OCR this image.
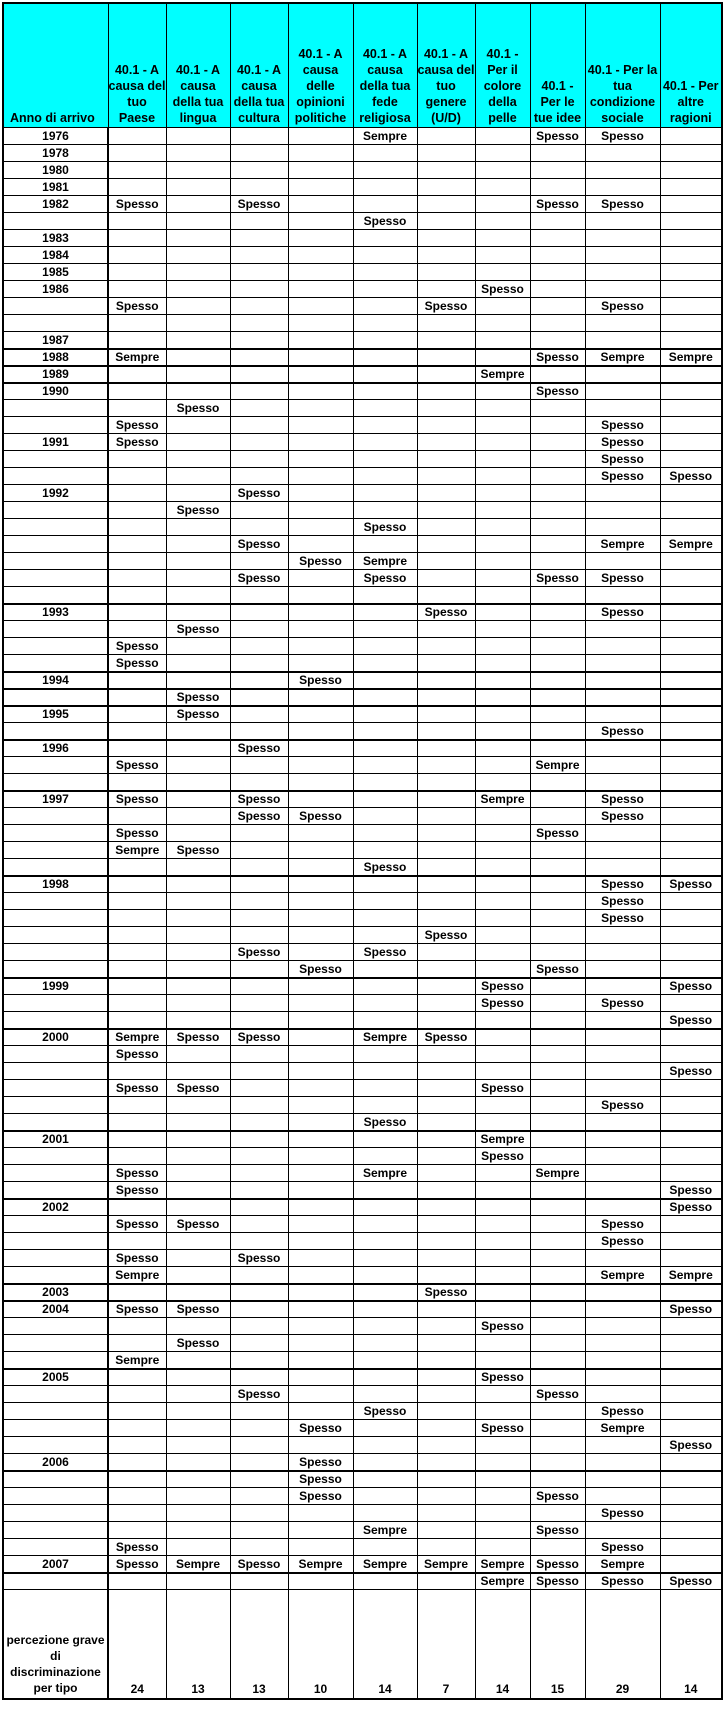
Anno di arrivo	40.1 - A causa del tuo Paese	40.1 - A causa della tua lingua	40.1 - A causa della tua cultura	40.1 - A causa delle opinioni politiche	40.1 - A causa della tua fede religiosa	40.1 - A causa del tuo genere (U/D)	40.1 - Per il colore della pelle	40.1 - Per le tue idee	40.1 - Per la tua condizione sociale	40.1 - Per altre ragioni
1976					Sempre			Spesso	Spesso	
1978										
1980										
1981										
1982	Spesso		Spesso					Spesso	Spesso	
					Spesso					
1983										
1984										
1985										
1986							Spesso			
	Spesso					Spesso			Spesso	

1987										
1988	Sempre							Spesso	Sempre	Sempre
1989							Sempre			
1990								Spesso		
		Spesso								
	Spesso								Spesso	
1991	Spesso								Spesso	
									Spesso	
									Spesso	Spesso
1992			Spesso							
		Spesso								
					Spesso					
			Spesso						Sempre	Sempre
				Spesso	Sempre					
			Spesso		Spesso			Spesso	Spesso	

1993						Spesso			Spesso	
		Spesso								
	Spesso									
	Spesso									
1994				Spesso						
		Spesso								
1995		Spesso								
									Spesso	
1996			Spesso							
	Spesso							Sempre		

1997	Spesso		Spesso				Sempre		Spesso	
			Spesso	Spesso					Spesso	
	Spesso							Spesso		
	Sempre	Spesso								
					Spesso					
1998									Spesso	Spesso
									Spesso	
									Spesso	
						Spesso				
			Spesso		Spesso					
				Spesso				Spesso		
1999							Spesso			Spesso
							Spesso		Spesso	
										Spesso
2000	Sempre	Spesso	Spesso		Sempre	Spesso				
	Spesso									
										Spesso
	Spesso	Spesso					Spesso			
									Spesso	
					Spesso					
2001							Sempre			
							Spesso			
	Spesso				Sempre			Sempre		
	Spesso									Spesso
2002										Spesso
	Spesso	Spesso							Spesso	
									Spesso	
	Spesso		Spesso							
	Sempre								Sempre	Sempre
2003						Spesso				
2004	Spesso	Spesso								Spesso
							Spesso			
		Spesso								
	Sempre									
2005							Spesso			
			Spesso					Spesso		
					Spesso				Spesso	
				Spesso			Spesso		Sempre	
										Spesso
2006				Spesso						
				Spesso						
				Spesso				Spesso		
									Spesso	
					Sempre			Spesso		
	Spesso								Spesso	
2007	Spesso	Sempre	Spesso	Sempre	Sempre	Sempre	Sempre	Spesso	Sempre	
							Sempre	Spesso	Spesso	Spesso
percezione grave di discriminazione per tipo	24	13	13	10	14	7	14	15	29	14
